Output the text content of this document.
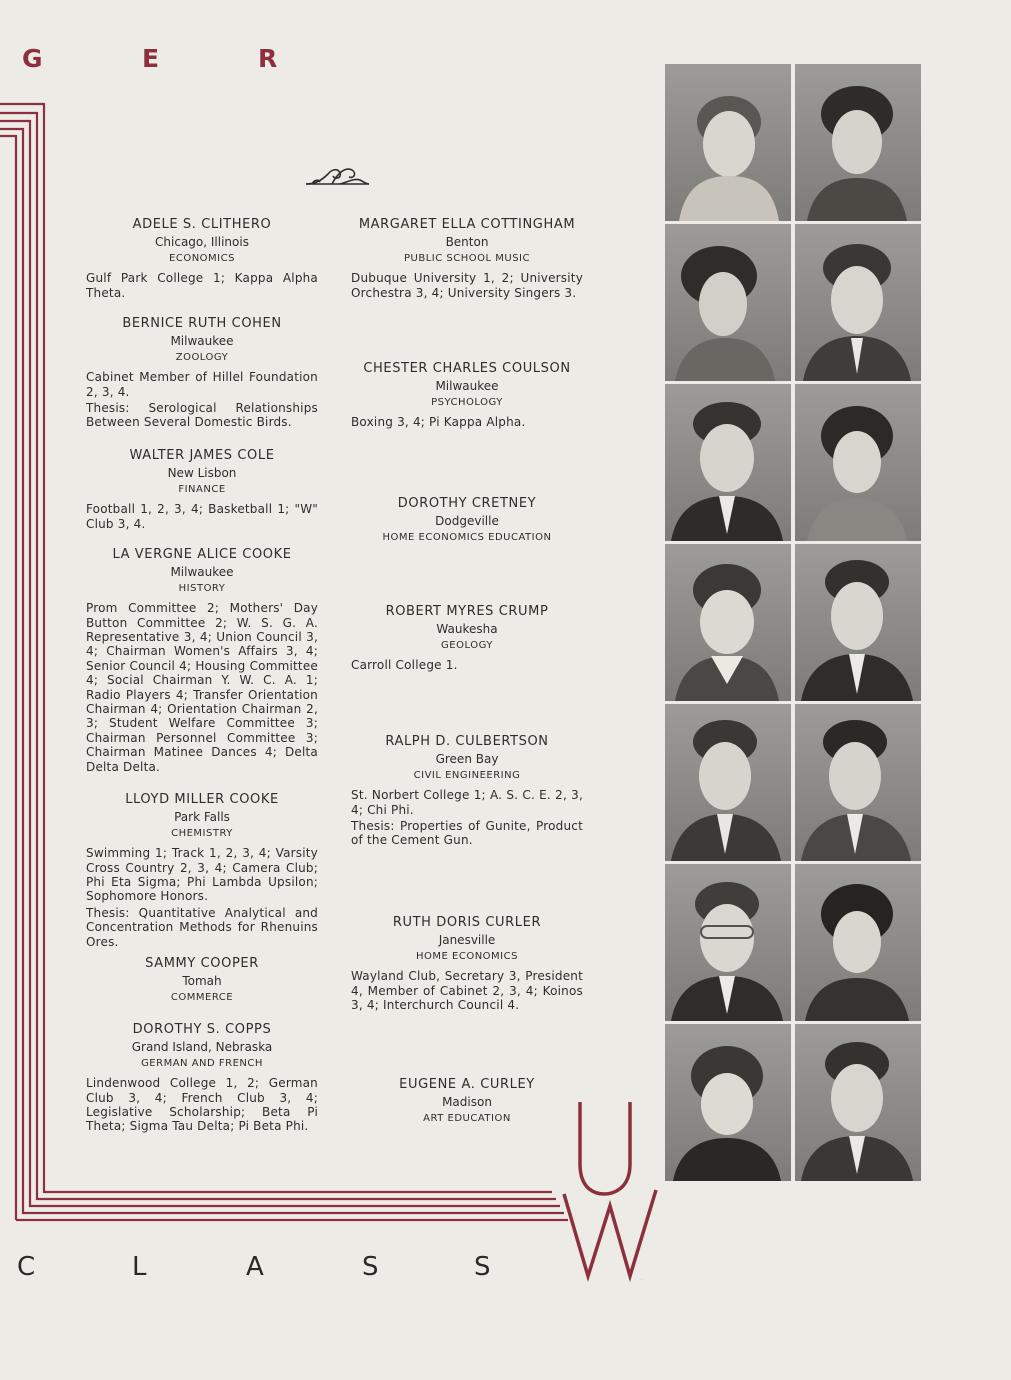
G	E	R
ADELE S. CLITHERO
Chicago, Illinois
ECONOMICS
Gulf Park College 1; Kappa Alpha Theta.
BERNICE RUTH COHEN
Milwaukee
ZOOLOGY
Cabinet Member of Hillel Foundation 2, 3, 4.
Thesis: Serological Relationships Between Several Domestic Birds.
WALTER JAMES COLE
New Lisbon
FINANCE
Football 1, 2, 3, 4; Basketball 1; "W" Club 3, 4.
LA VERGNE ALICE COOKE
Milwaukee
HISTORY
Prom Committee 2; Mothers' Day Button Committee 2; W. S. G. A. Representative 3, 4; Union Council 3, 4; Chairman Women's Affairs 3, 4; Senior Council 4; Housing Committee 4; Social Chairman Y. W. C. A. 1; Radio Players 4; Transfer Orientation Chairman 4; Orientation Chairman 2, 3; Student Welfare Committee 3; Chairman Personnel Committee 3; Chairman Matinee Dances 4; Delta Delta Delta.
LLOYD MILLER COOKE
Park Falls
CHEMISTRY
Swimming 1; Track 1, 2, 3, 4; Varsity Cross Country 2, 3, 4; Camera Club; Phi Eta Sigma; Phi Lambda Upsilon; Sophomore Honors.
Thesis: Quantitative Analytical and Concentration Methods for Rhenuins Ores.
SAMMY COOPER
Tomah
COMMERCE
DOROTHY S. COPPS
Grand Island, Nebraska
GERMAN AND FRENCH
Lindenwood College 1, 2; German Club 3, 4; French Club 3, 4; Legislative Scholarship; Beta Pi Theta; Sigma Tau Delta; Pi Beta Phi.
MARGARET ELLA COTTINGHAM
Benton
PUBLIC SCHOOL MUSIC
Dubuque University 1, 2; University Orchestra 3, 4; University Singers 3.
CHESTER CHARLES COULSON
Milwaukee
PSYCHOLOGY
Boxing 3, 4; Pi Kappa Alpha.
DOROTHY CRETNEY
Dodgeville
HOME ECONOMICS EDUCATION
ROBERT MYRES CRUMP
Waukesha
GEOLOGY
Carroll College 1.
RALPH D. CULBERTSON
Green Bay
CIVIL ENGINEERING
St. Norbert College 1; A. S. C. E. 2, 3, 4; Chi Phi.
Thesis: Properties of Gunite, Product of the Cement Gun.
RUTH DORIS CURLER
Janesville
HOME ECONOMICS
Wayland Club, Secretary 3, President 4, Member of Cabinet 2, 3, 4; Koinos 3, 4; Interchurch Council 4.
EUGENE A. CURLEY
Madison
ART EDUCATION U
W
C	L	A	S	S
